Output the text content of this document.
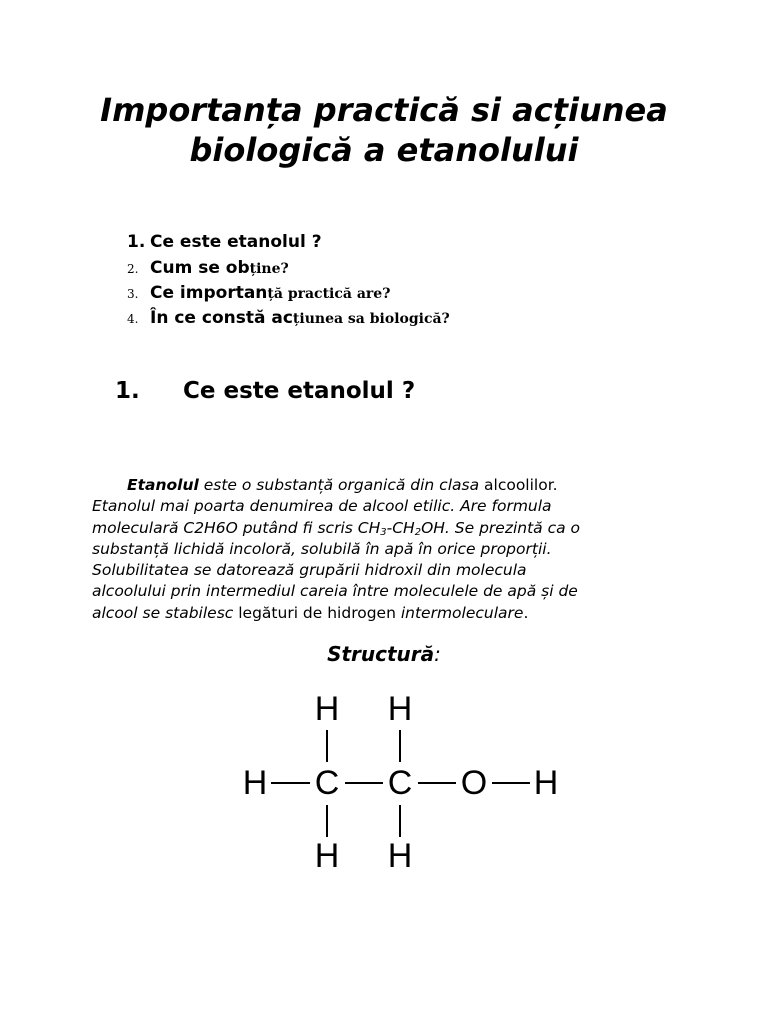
Importanța practică si acțiunea
biologică a etanolului
1. Ce este etanolul ?
2. Cum se obține?
3. Ce importanță practică are?
4. În ce constă acțiunea sa biologică?
1. Ce este etanolul ?

Etanolul este o substanță organică din clasa alcoolilor.
Etanolul mai poarta denumirea de alcool etilic. Are formula
moleculară C2H6O putând fi scris $CH_3-CH_2OH$. Se prezintă ca o
substanță lichidă incoloră, solubilă în apă în orice proporții.
Solubilitatea se datorează grupării hidroxil din molecula
alcoolului prin intermediul careia între moleculele de apă și de
alcool se stabilesc legături de hidrogen intermoleculare.

Structură:

H H
H C C O H
H H
